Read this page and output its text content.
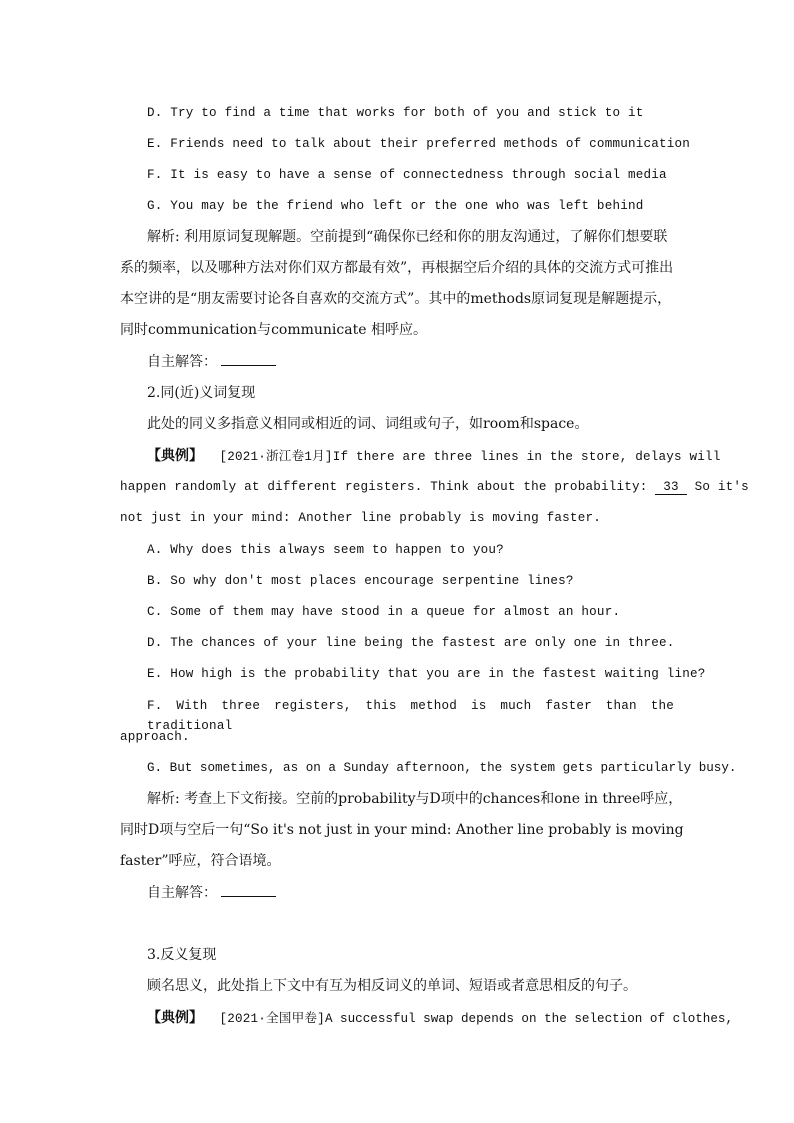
D. Try to find a time that works for both of you and stick to it
E. Friends need to talk about their preferred methods of communication
F. It is easy to have a sense of connectedness through social media
G. You may be the friend who left or the one who was left behind
解析: 利用原词复现解题。空前提到“确保你已经和你的朋友沟通过，了解你们想要联
系的频率，以及哪种方法对你们双方都最有效”，再根据空后介绍的具体的交流方式可推出
本空讲的是“朋友需要讨论各自喜欢的交流方式”。其中的methods原词复现是解题提示，
同时communication与communicate 相呼应。
自主解答：
2.同(近)义词复现
此处的同义多指意义相同或相近的词、词组或句子，如room和space。
【典例】 [2021·浙江卷1月]If there are three lines in the store, delays will
happen randomly at different registers. Think about the probability: 33 So it's
not just in your mind: Another line probably is moving faster.
A. Why does this always seem to happen to you?
B. So why don't most places encourage serpentine lines?
C. Some of them may have stood in a queue for almost an hour.
D. The chances of your line being the fastest are only one in three.
E. How high is the probability that you are in the fastest waiting line?
F. With three registers, this method is much faster than the traditional
approach.
G. But sometimes, as on a Sunday afternoon, the system gets particularly busy.
解析: 考查上下文衔接。空前的probability与D项中的chances和one in three呼应，
同时D项与空后一句“So it's not just in your mind: Another line probably is moving
faster”呼应，符合语境。
自主解答：
3.反义复现
顾名思义，此处指上下文中有互为相反词义的单词、短语或者意思相反的句子。
【典例】 [2021·全国甲卷]A successful swap depends on the selection of clothes,
